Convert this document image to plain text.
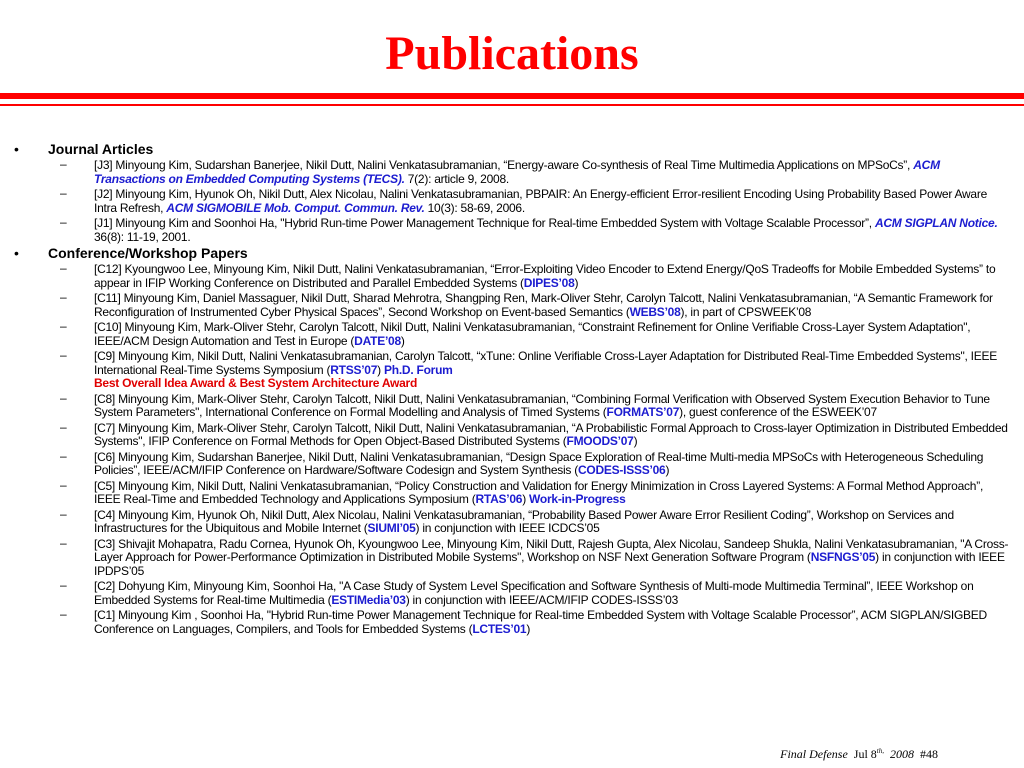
Publications
• Journal Articles
– [J3] Minyoung Kim, Sudarshan Banerjee, Nikil Dutt, Nalini Venkatasubramanian, “Energy-aware Co-synthesis of Real Time Multimedia Applications on MPSoCs”, ACM Transactions on Embedded Computing Systems (TECS). 7(2): article 9, 2008.
– [J2] Minyoung Kim, Hyunok Oh, Nikil Dutt, Alex Nicolau, Nalini Venkatasubramanian, PBPAIR: An Energy-efficient Error-resilient Encoding Using Probability Based Power Aware Intra Refresh, ACM SIGMOBILE Mob. Comput. Commun. Rev. 10(3): 58-69, 2006.
– [J1] Minyoung Kim and Soonhoi Ha, "Hybrid Run-time Power Management Technique for Real-time Embedded System with Voltage Scalable Processor”, ACM SIGPLAN Notice. 36(8): 11-19, 2001.
• Conference/Workshop Papers
– [C12] Kyoungwoo Lee, Minyoung Kim, Nikil Dutt, Nalini Venkatasubramanian, “Error-Exploiting Video Encoder to Extend Energy/QoS Tradeoffs for Mobile Embedded Systems” to appear in IFIP Working Conference on Distributed and Parallel Embedded Systems (DIPES’08)
– [C11] Minyoung Kim, Daniel Massaguer, Nikil Dutt, Sharad Mehrotra, Shangping Ren, Mark-Oliver Stehr, Carolyn Talcott, Nalini Venkatasubramanian, “A Semantic Framework for Reconfiguration of Instrumented Cyber Physical Spaces”, Second Workshop on Event-based Semantics (WEBS’08), in part of CPSWEEK’08
– [C10] Minyoung Kim, Mark-Oliver Stehr, Carolyn Talcott, Nikil Dutt, Nalini Venkatasubramanian, “Constraint Refinement for Online Verifiable Cross-Layer System Adaptation", IEEE/ACM Design Automation and Test in Europe (DATE’08)
– [C9] Minyoung Kim, Nikil Dutt, Nalini Venkatasubramanian, Carolyn Talcott, “xTune: Online Verifiable Cross-Layer Adaptation for Distributed Real-Time Embedded Systems", IEEE International Real-Time Systems Symposium (RTSS’07) Ph.D. Forum
Best Overall Idea Award & Best System Architecture Award
– [C8] Minyoung Kim, Mark-Oliver Stehr, Carolyn Talcott, Nikil Dutt, Nalini Venkatasubramanian, “Combining Formal Verification with Observed System Execution Behavior to Tune System Parameters", International Conference on Formal Modelling and Analysis of Timed Systems (FORMATS’07), guest conference of the ESWEEK’07
– [C7] Minyoung Kim, Mark-Oliver Stehr, Carolyn Talcott, Nikil Dutt, Nalini Venkatasubramanian, “A Probabilistic Formal Approach to Cross-layer Optimization in Distributed Embedded Systems", IFIP Conference on Formal Methods for Open Object-Based Distributed Systems (FMOODS’07)
– [C6] Minyoung Kim, Sudarshan Banerjee, Nikil Dutt, Nalini Venkatasubramanian, “Design Space Exploration of Real-time Multi-media MPSoCs with Heterogeneous Scheduling Policies”, IEEE/ACM/IFIP Conference on Hardware/Software Codesign and System Synthesis (CODES-ISSS’06)
– [C5] Minyoung Kim, Nikil Dutt, Nalini Venkatasubramanian, “Policy Construction and Validation for Energy Minimization in Cross Layered Systems: A Formal Method Approach”, IEEE Real-Time and Embedded Technology and Applications Symposium (RTAS’06) Work-in-Progress
– [C4] Minyoung Kim, Hyunok Oh, Nikil Dutt, Alex Nicolau, Nalini Venkatasubramanian, “Probability Based Power Aware Error Resilient Coding”, Workshop on Services and Infrastructures for the Ubiquitous and Mobile Internet (SIUMI’05) in conjunction with IEEE ICDCS’05
– [C3] Shivajit Mohapatra, Radu Cornea, Hyunok Oh, Kyoungwoo Lee, Minyoung Kim, Nikil Dutt, Rajesh Gupta, Alex Nicolau, Sandeep Shukla, Nalini Venkatasubramanian, "A Cross-Layer Approach for Power-Performance Optimization in Distributed Mobile Systems", Workshop on NSF Next Generation Software Program (NSFNGS’05) in conjunction with IEEE IPDPS’05
– [C2] Dohyung Kim, Minyoung Kim, Soonhoi Ha, "A Case Study of System Level Specification and Software Synthesis of Multi-mode Multimedia Terminal”, IEEE Workshop on Embedded Systems for Real-time Multimedia (ESTIMedia’03) in conjunction with IEEE/ACM/IFIP CODES-ISSS’03
– [C1] Minyoung Kim , Soonhoi Ha, "Hybrid Run-time Power Management Technique for Real-time Embedded System with Voltage Scalable Processor”, ACM SIGPLAN/SIGBED Conference on Languages, Compilers, and Tools for Embedded Systems (LCTES’01)
Final Defense Jul $8^{th,}$ 2008 #48
